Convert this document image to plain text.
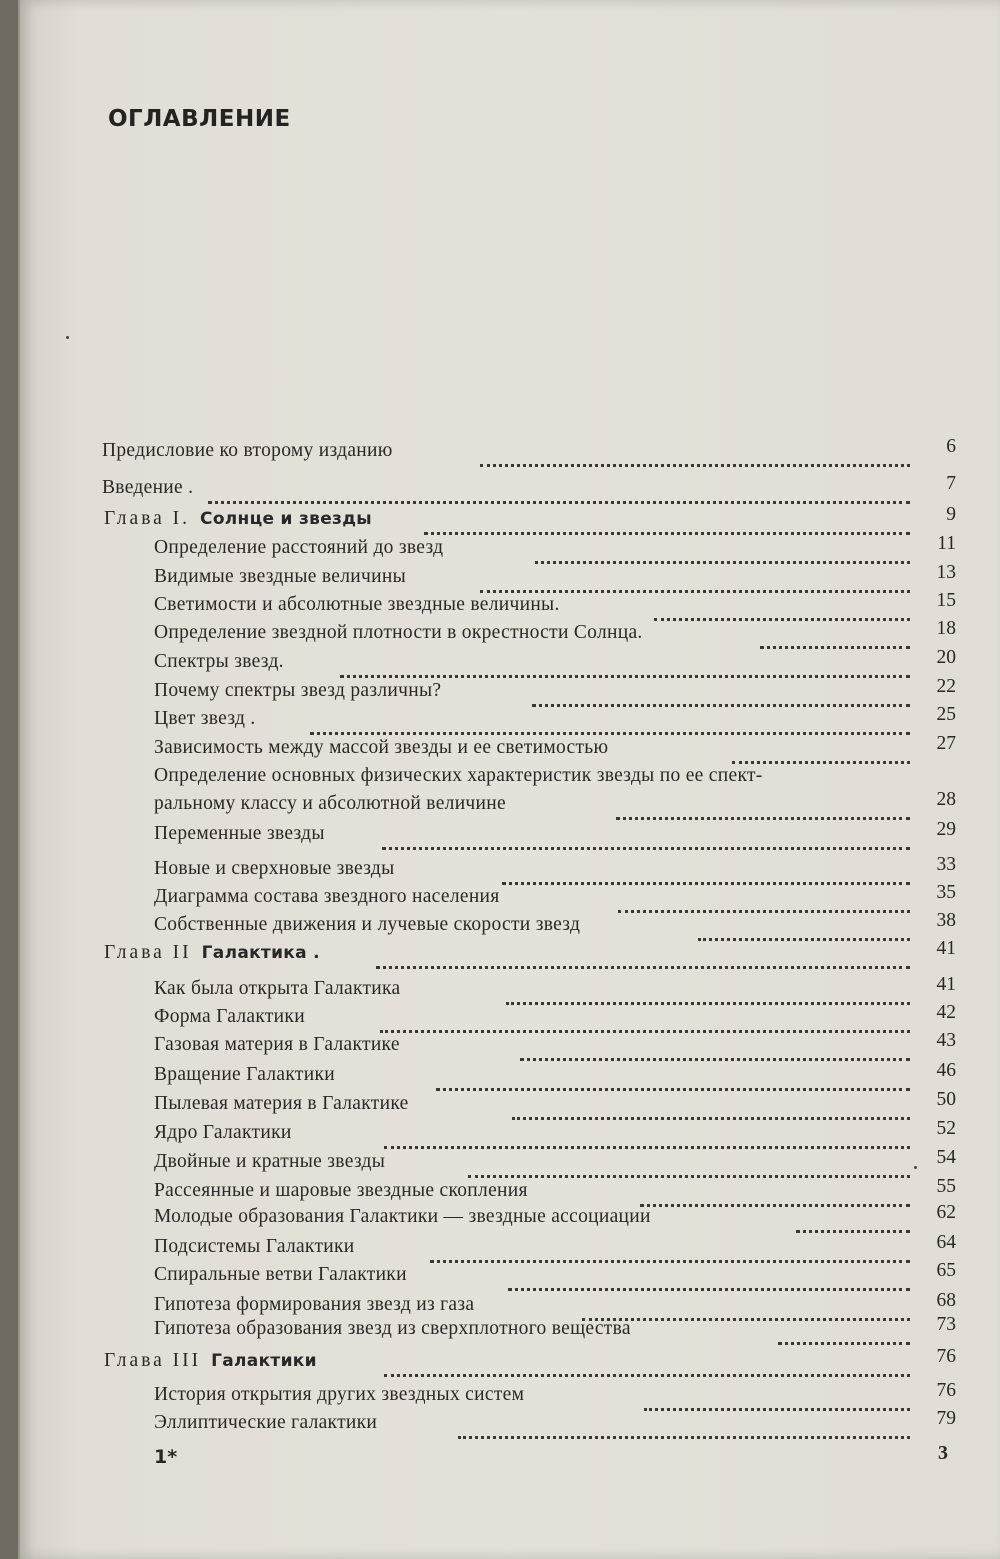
ОГЛАВЛЕНИЕ
Предисловие ко второму изданию	6
Введение .	7
Глава I. Солнце и звезды	9
Определение расстояний до звезд	11
Видимые звездные величины	13
Светимости и абсолютные звездные величины.	15
Определение звездной плотности в окрестности Солнца.	18
Спектры звезд.	20
Почему спектры звезд различны?	22
Цвет звезд .	25
Зависимость между массой звезды и ее светимостью	27
Определение основных физических характеристик звезды по ее спект-
ральному классу и абсолютной величине	28
Переменные звезды	29
Новые и сверхновые звезды	33
Диаграмма состава звездного населения	35
Собственные движения и лучевые скорости звезд	38
Глава II Галактика .	41
Как была открыта Галактика	41
Форма Галактики	42
Газовая материя в Галактике	43
Вращение Галактики	46
Пылевая материя в Галактике	50
Ядро Галактики	52
Двойные и кратные звезды	54
Рассеянные и шаровые звездные скопления	55
Молодые образования Галактики — звездные ассоциации	62
Подсистемы Галактики	64
Спиральные ветви Галактики	65
Гипотеза формирования звезд из газа	68
Гипотеза образования звезд из сверхплотного вещества	73
Глава III Галактики	76
История открытия других звездных систем	76
Эллиптические галактики	79
1*	3
